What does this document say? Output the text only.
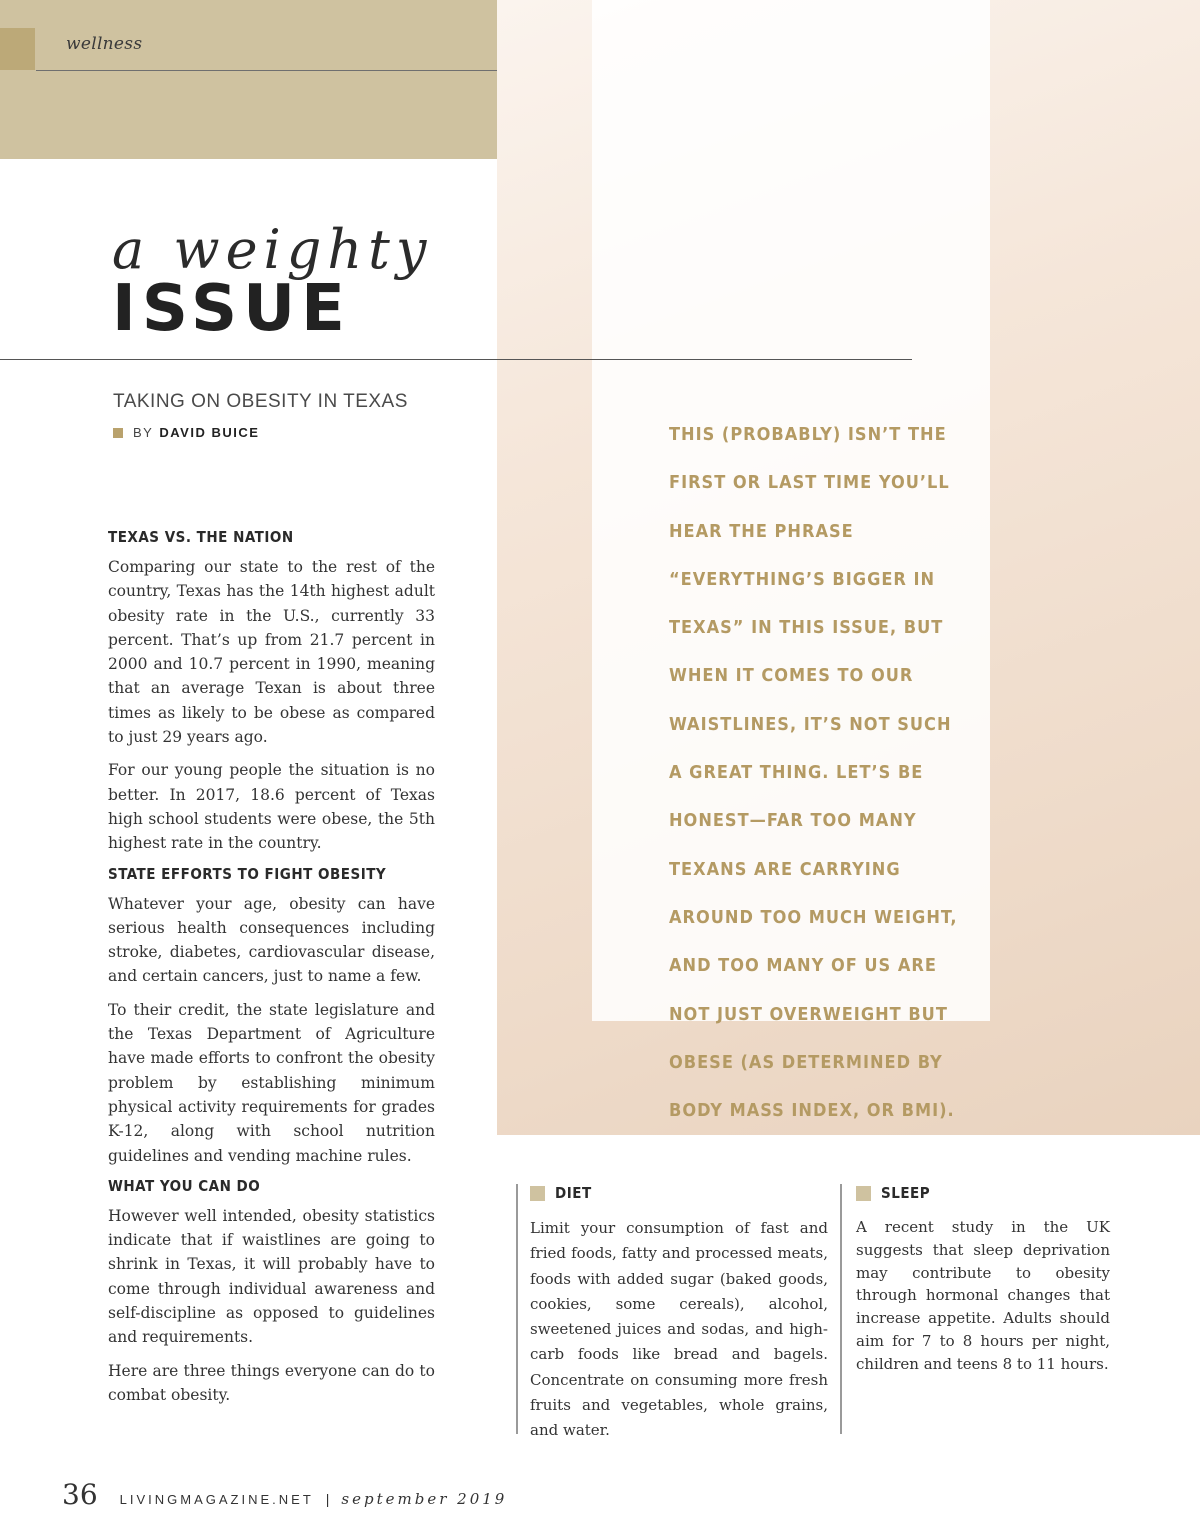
wellness
THIS (PROBABLY) ISN’T THE FIRST OR LAST TIME YOU’LL HEAR THE PHRASE “EVERYTHING’S BIGGER IN TEXAS” IN THIS ISSUE, BUT WHEN IT COMES TO OUR WAISTLINES, IT’S NOT SUCH A GREAT THING. LET’S BE HONEST—FAR TOO MANY TEXANS ARE CARRYING AROUND TOO MUCH WEIGHT, AND TOO MANY OF US ARE NOT JUST OVERWEIGHT BUT OBESE (AS DETERMINED BY BODY MASS INDEX, OR BMI).
a weighty
ISSUE
TAKING ON OBESITY IN TEXAS
BY DAVID BUICE
TEXAS VS. THE NATION

Comparing our state to the rest of the country, Texas has the 14th highest adult obesity rate in the U.S., currently 33 percent. That’s up from 21.7 percent in 2000 and 10.7 percent in 1990, meaning that an average Texan is about three times as likely to be obese as compared to just 29 years ago.

For our young people the situation is no better. In 2017, 18.6 percent of Texas high school students were obese, the 5th highest rate in the country.

STATE EFFORTS TO FIGHT OBESITY

Whatever your age, obesity can have serious health consequences including stroke, diabetes, cardiovascular disease, and certain cancers, just to name a few.

To their credit, the state legislature and the Texas Department of Agriculture have made efforts to confront the obesity problem by establishing minimum physical activity requirements for grades K-12, along with school nutrition guidelines and vending machine rules.

WHAT YOU CAN DO

However well intended, obesity statistics indicate that if waistlines are going to shrink in Texas, it will probably have to come through individual awareness and self-discipline as opposed to guidelines and requirements.

Here are three things everyone can do to combat obesity.

DIET

Limit your consumption of fast and fried foods, fatty and processed meats, foods with added sugar (baked goods, cookies, some cereals), alcohol, sweetened juices and sodas, and high-carb foods like bread and bagels. Concentrate on consuming more fresh fruits and vegetables, whole grains, and water.

SLEEP

A recent study in the UK suggests that sleep deprivation may contribute to obesity through hormonal changes that increase appetite. Adults should aim for 7 to 8 hours per night, children and teens 8 to 11 hours.

36 LIVINGMAGAZINE.NET | september 2019
